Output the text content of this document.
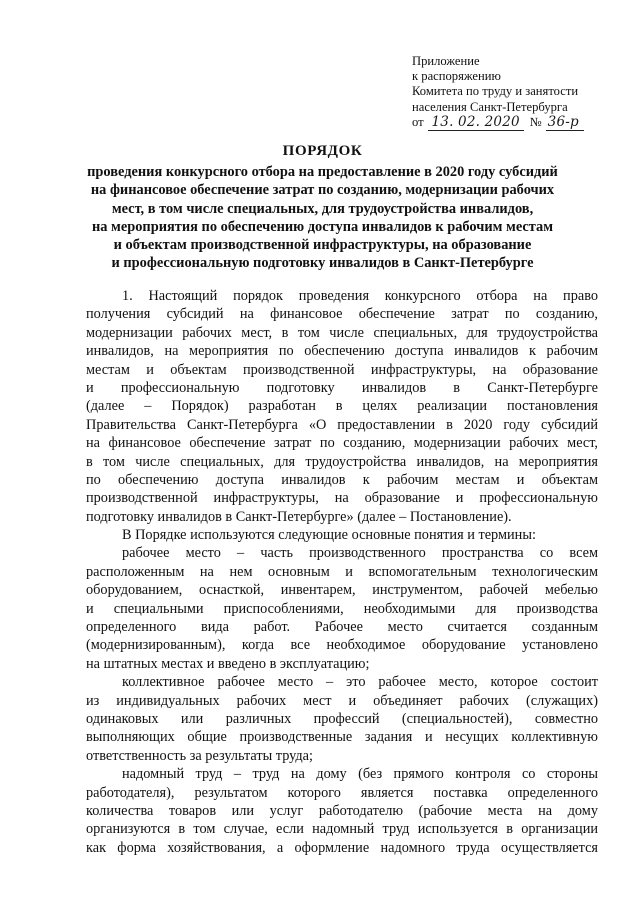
Приложение
к распоряжению
Комитета по труду и занятости
населения Санкт-Петербурга
от 13. 02. 2020 № 36-р
ПОРЯДОК
проведения конкурсного отбора на предоставление в 2020 году субсидий
на финансовое обеспечение затрат по созданию, модернизации рабочих
мест, в том числе специальных, для трудоустройства инвалидов,
на мероприятия по обеспечению доступа инвалидов к рабочим местам
и объектам производственной инфраструктуры, на образование
и профессиональную подготовку инвалидов в Санкт-Петербурге
1. Настоящий порядок проведения конкурсного отбора на право
получения субсидий на финансовое обеспечение затрат по созданию,
модернизации рабочих мест, в том числе специальных, для трудоустройства
инвалидов, на мероприятия по обеспечению доступа инвалидов к рабочим
местам и объектам производственной инфраструктуры, на образование
и профессиональную подготовку инвалидов в Санкт-Петербурге
(далее – Порядок) разработан в целях реализации постановления
Правительства Санкт-Петербурга «О предоставлении в 2020 году субсидий
на финансовое обеспечение затрат по созданию, модернизации рабочих мест,
в том числе специальных, для трудоустройства инвалидов, на мероприятия
по обеспечению доступа инвалидов к рабочим местам и объектам
производственной инфраструктуры, на образование и профессиональную
подготовку инвалидов в Санкт-Петербурге» (далее – Постановление).
В Порядке используются следующие основные понятия и термины:
рабочее место – часть производственного пространства со всем
расположенным на нем основным и вспомогательным технологическим
оборудованием, оснасткой, инвентарем, инструментом, рабочей мебелью
и специальными приспособлениями, необходимыми для производства
определенного вида работ. Рабочее место считается созданным
(модернизированным), когда все необходимое оборудование установлено
на штатных местах и введено в эксплуатацию;
коллективное рабочее место – это рабочее место, которое состоит
из индивидуальных рабочих мест и объединяет рабочих (служащих)
одинаковых или различных профессий (специальностей), совместно
выполняющих общие производственные задания и несущих коллективную
ответственность за результаты труда;
надомный труд – труд на дому (без прямого контроля со стороны
работодателя), результатом которого является поставка определенного
количества товаров или услуг работодателю (рабочие места на дому
организуются в том случае, если надомный труд используется в организации
как форма хозяйствования, а оформление надомного труда осуществляется
